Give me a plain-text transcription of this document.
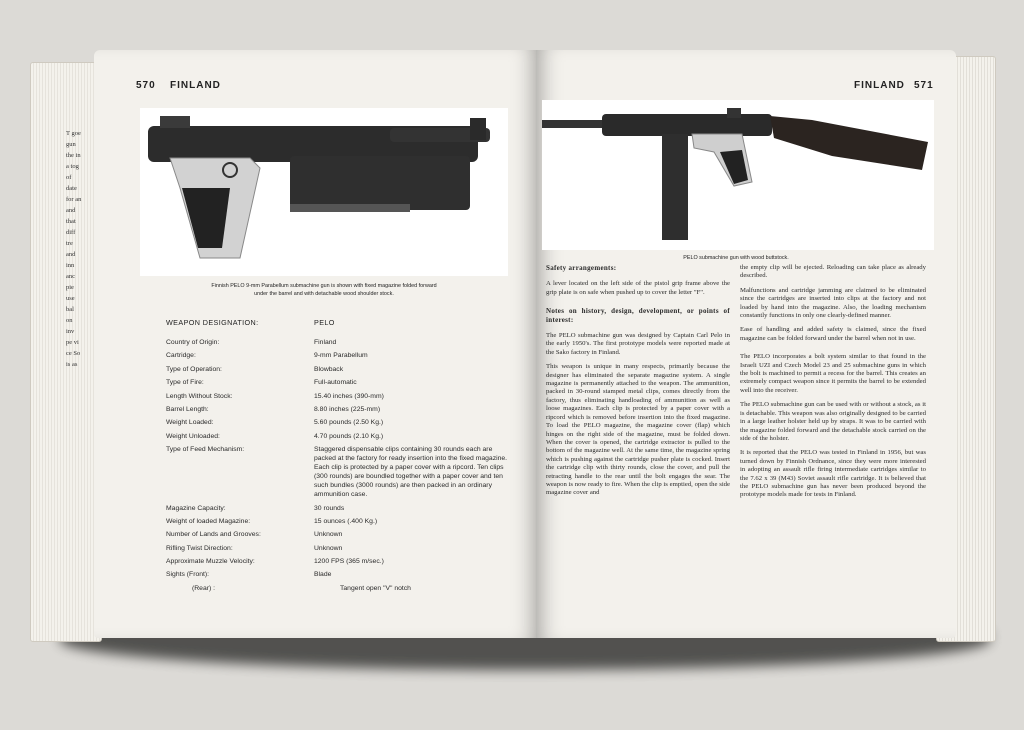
T goe gun the in a tog of date for an and that diff tre and inn anc pie use bal on inv pe vi ce So is as
570 FINLAND
Finnish PELO 9-mm Parabellum submachine gun is shown with fixed magazine folded forward under the barrel and with detachable wood shoulder stock.
WEAPON DESIGNATION:	PELO
Country of Origin:	Finland
Cartridge:	9-mm Parabellum
Type of Operation:	Blowback
Type of Fire:	Full-automatic
Length Without Stock:	15.40 inches (390-mm)
Barrel Length:	8.80 inches (225-mm)
Weight Loaded:	5.60 pounds (2.50 Kg.)
Weight Unloaded:	4.70 pounds (2.10 Kg.)
Type of Feed Mechanism:	Staggered dispensable clips containing 30 rounds each are packed at the factory for ready insertion into the fixed magazine. Each clip is protected by a paper cover with a ripcord. Ten clips (300 rounds) are boundled together with a paper cover and ten such bundles (3000 rounds) are then packed in an ordinary ammunition case.
Magazine Capacity:	30 rounds
Weight of loaded Magazine:	15 ounces (.400 Kg.)
Number of Lands and Grooves:	Unknown
Rifling Twist Direction:	Unknown
Approximate Muzzle Velocity:	1200 FPS (365 m/sec.)
Sights (Front):	Blade
(Rear) :	Tangent open "V" notch
FINLAND 571
PELO submachine gun with wood buttstock.
Safety arrangements:

A lever located on the left side of the pistol grip frame above the grip plate is on safe when pushed up to cover the letter "F".

Notes on history, design, development, or points of interest:

The PELO submachine gun was designed by Captain Carl Pelo in the early 1950's. The first prototype models were reported made at the Sako factory in Finland.

This weapon is unique in many respects, primarily because the designer has eliminated the separate magazine system. A single magazine is permanently attached to the weapon. The ammunition, packed in 30-round stamped metal clips, comes directly from the factory, thus eliminating handloading of ammunition as well as loose magazines. Each clip is protected by a paper cover with a ripcord which is removed before insertion into the fixed magazine. To load the PELO magazine, the magazine cover (flap) which hinges on the right side of the magazine, must be folded down. When the cover is opened, the cartridge extractor is pulled to the bottom of the magazine well. At the same time, the magazine spring which is pushing against the cartridge pusher plate is cocked. Insert the cartridge clip with thirty rounds, close the cover, and pull the retracting handle to the rear until the bolt engages the sear. The weapon is now ready to fire. When the clip is emptied, open the side magazine cover and

the empty clip will be ejected. Reloading can take place as already described.

Malfunctions and cartridge jamming are claimed to be eliminated since the cartridges are inserted into clips at the factory and not loaded by hand into the magazine. Also, the loading mechanism constantly functions in only one clearly-defined manner.

Ease of handling and added safety is claimed, since the fixed magazine can be folded forward under the barrel when not in use.

The PELO incorporates a bolt system similar to that found in the Israeli UZI and Czech Model 23 and 25 submachine guns in which the bolt is machined to permit a recess for the barrel. This creates an extremely compact weapon since it permits the barrel to be extended well into the receiver.

The PELO submachine gun can be used with or without a stock, as it is detachable. This weapon was also originally designed to be carried in a large leather holster held up by straps. It was to be carried with the magazine folded forward and the detachable stock carried on the side of the holster.

It is reported that the PELO was tested in Finland in 1956, but was turned down by Finnish Ordnance, since they were more interested in adopting an assault rifle firing intermediate cartridges similar to the 7.62 x 39 (M43) Soviet assault rifle cartridge. It is believed that the PELO submachine gun has never been produced beyond the prototype models made for tests in Finland.
